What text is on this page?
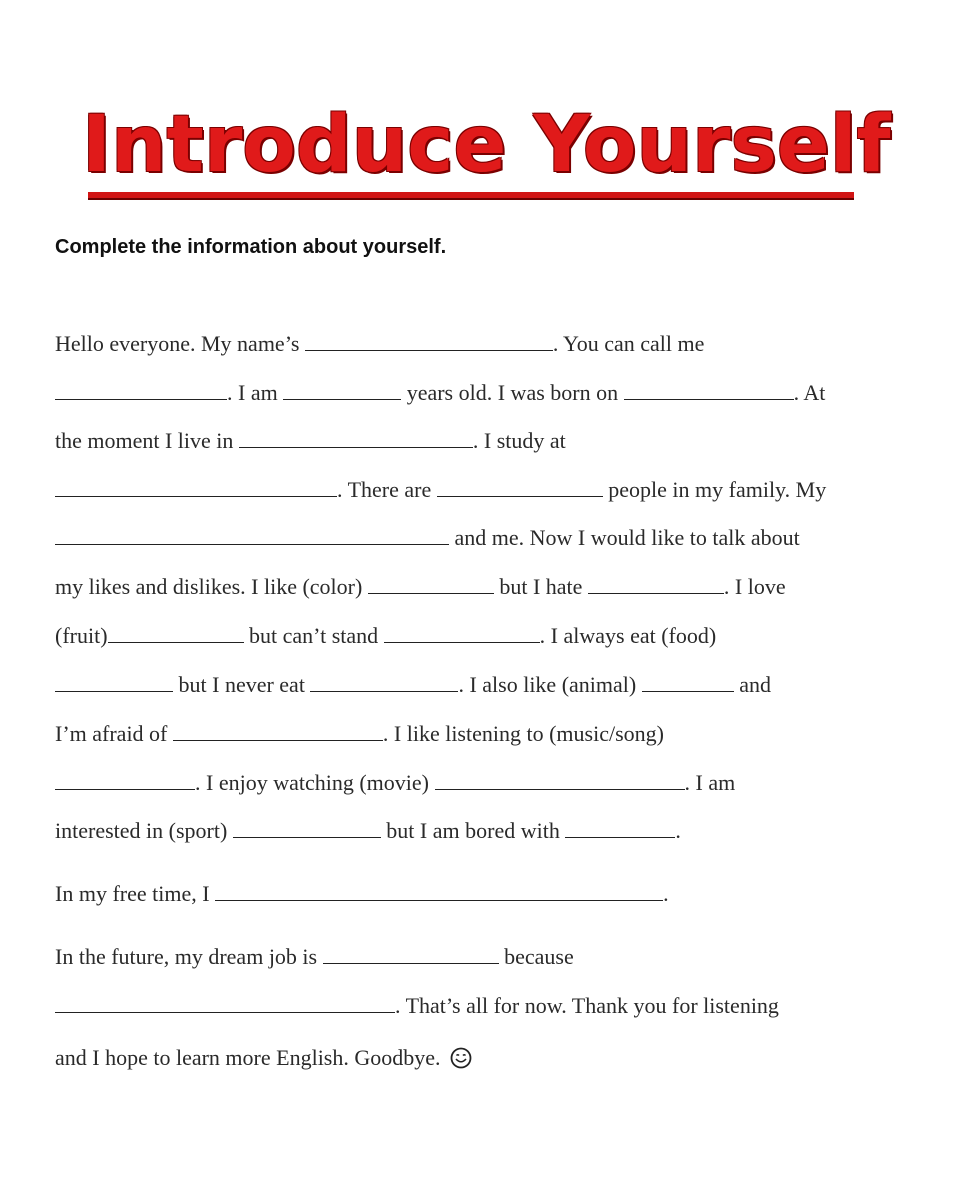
Introduce Yourself
Complete the information about yourself.
Hello everyone. My name’s	. You can call me
. I am	years old. I was born on	. At
the moment I live in	. I study at
. There are	people in my family. My
and me. Now I would like to talk about
my likes and dislikes. I like (color)	but I hate	. I love
(fruit)	but can’t stand	. I always eat (food)
but I never eat	. I also like (animal)	and
I’m afraid of	. I like listening to (music/song)
. I enjoy watching (movie)	. I am
interested in (sport)	but I am bored with	.
In my free time, I	.
In the future, my dream job is	because
. That’s all for now. Thank you for listening
and I hope to learn more English. Goodbye.
